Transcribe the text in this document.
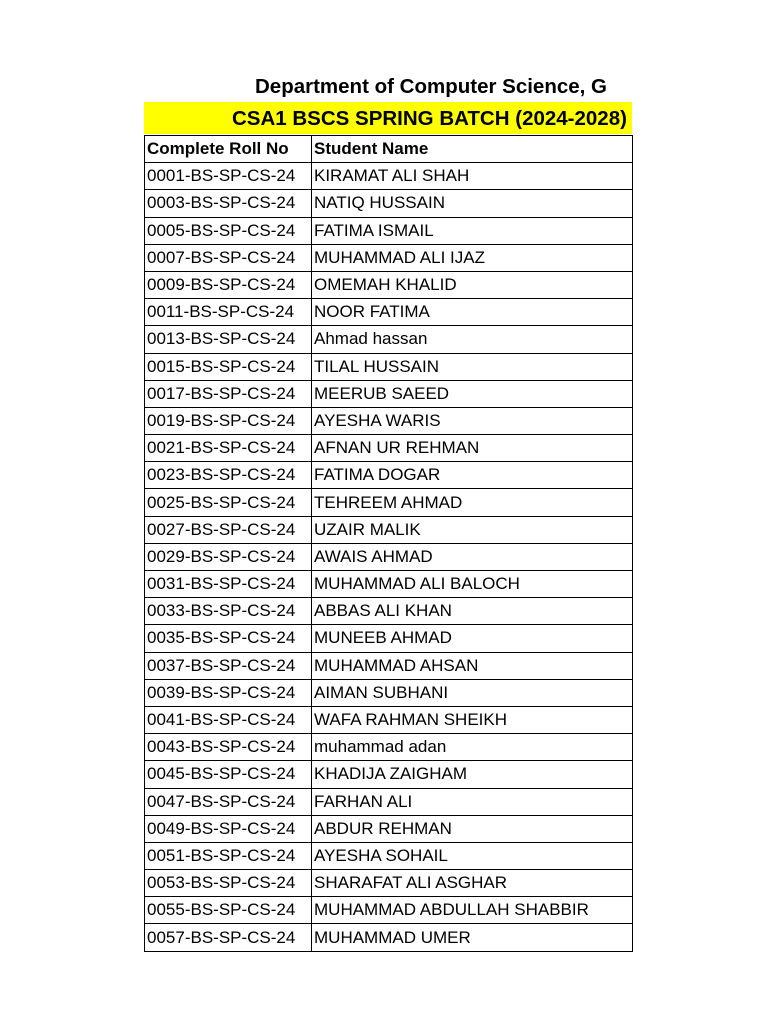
Department of Computer Science, G
CSA1 BSCS SPRING BATCH (2024-2028)
Complete Roll No	Student Name
0001-BS-SP-CS-24	KIRAMAT ALI SHAH
0003-BS-SP-CS-24	NATIQ HUSSAIN
0005-BS-SP-CS-24	FATIMA ISMAIL
0007-BS-SP-CS-24	MUHAMMAD ALI IJAZ
0009-BS-SP-CS-24	OMEMAH KHALID
0011-BS-SP-CS-24	NOOR FATIMA
0013-BS-SP-CS-24	Ahmad hassan
0015-BS-SP-CS-24	TILAL HUSSAIN
0017-BS-SP-CS-24	MEERUB SAEED
0019-BS-SP-CS-24	AYESHA WARIS
0021-BS-SP-CS-24	AFNAN UR REHMAN
0023-BS-SP-CS-24	FATIMA DOGAR
0025-BS-SP-CS-24	TEHREEM AHMAD
0027-BS-SP-CS-24	UZAIR MALIK
0029-BS-SP-CS-24	AWAIS AHMAD
0031-BS-SP-CS-24	MUHAMMAD ALI BALOCH
0033-BS-SP-CS-24	ABBAS ALI KHAN
0035-BS-SP-CS-24	MUNEEB AHMAD
0037-BS-SP-CS-24	MUHAMMAD AHSAN
0039-BS-SP-CS-24	AIMAN SUBHANI
0041-BS-SP-CS-24	WAFA RAHMAN SHEIKH
0043-BS-SP-CS-24	muhammad adan
0045-BS-SP-CS-24	KHADIJA ZAIGHAM
0047-BS-SP-CS-24	FARHAN ALI
0049-BS-SP-CS-24	ABDUR REHMAN
0051-BS-SP-CS-24	AYESHA SOHAIL
0053-BS-SP-CS-24	SHARAFAT ALI ASGHAR
0055-BS-SP-CS-24	MUHAMMAD ABDULLAH SHABBIR
0057-BS-SP-CS-24	MUHAMMAD UMER
